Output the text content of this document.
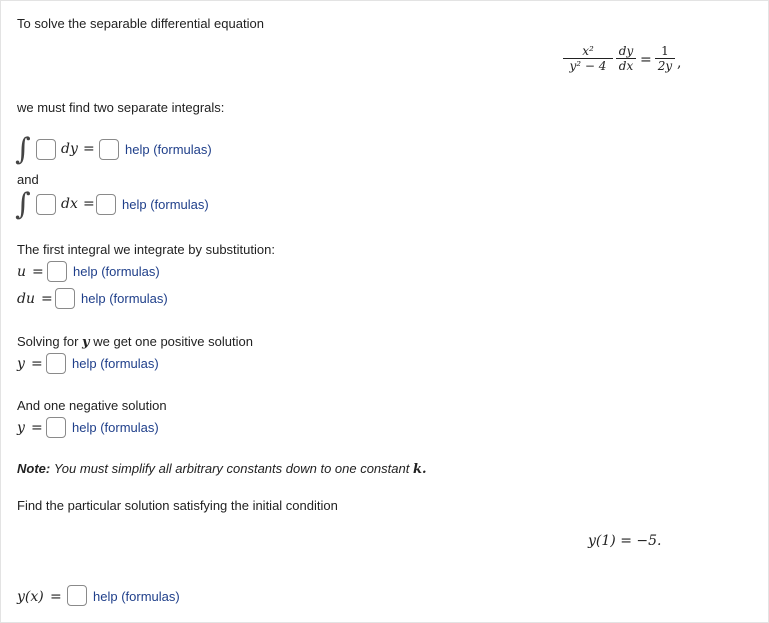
To solve the separable differential equation
x²
y² − 4
dy
dx =
1
2y ,
we must find two separate integrals:
∫ dy = help (formulas)
and
∫ dx = help (formulas)
The first integral we integrate by substitution:
u = help (formulas)
du = help (formulas)
Solving for y we get one positive solution
y = help (formulas)
And one negative solution
y = help (formulas)
Note: You must simplify all arbitrary constants down to one constant k.
Find the particular solution satisfying the initial condition
y(1) = −5.
y(x) = help (formulas)
